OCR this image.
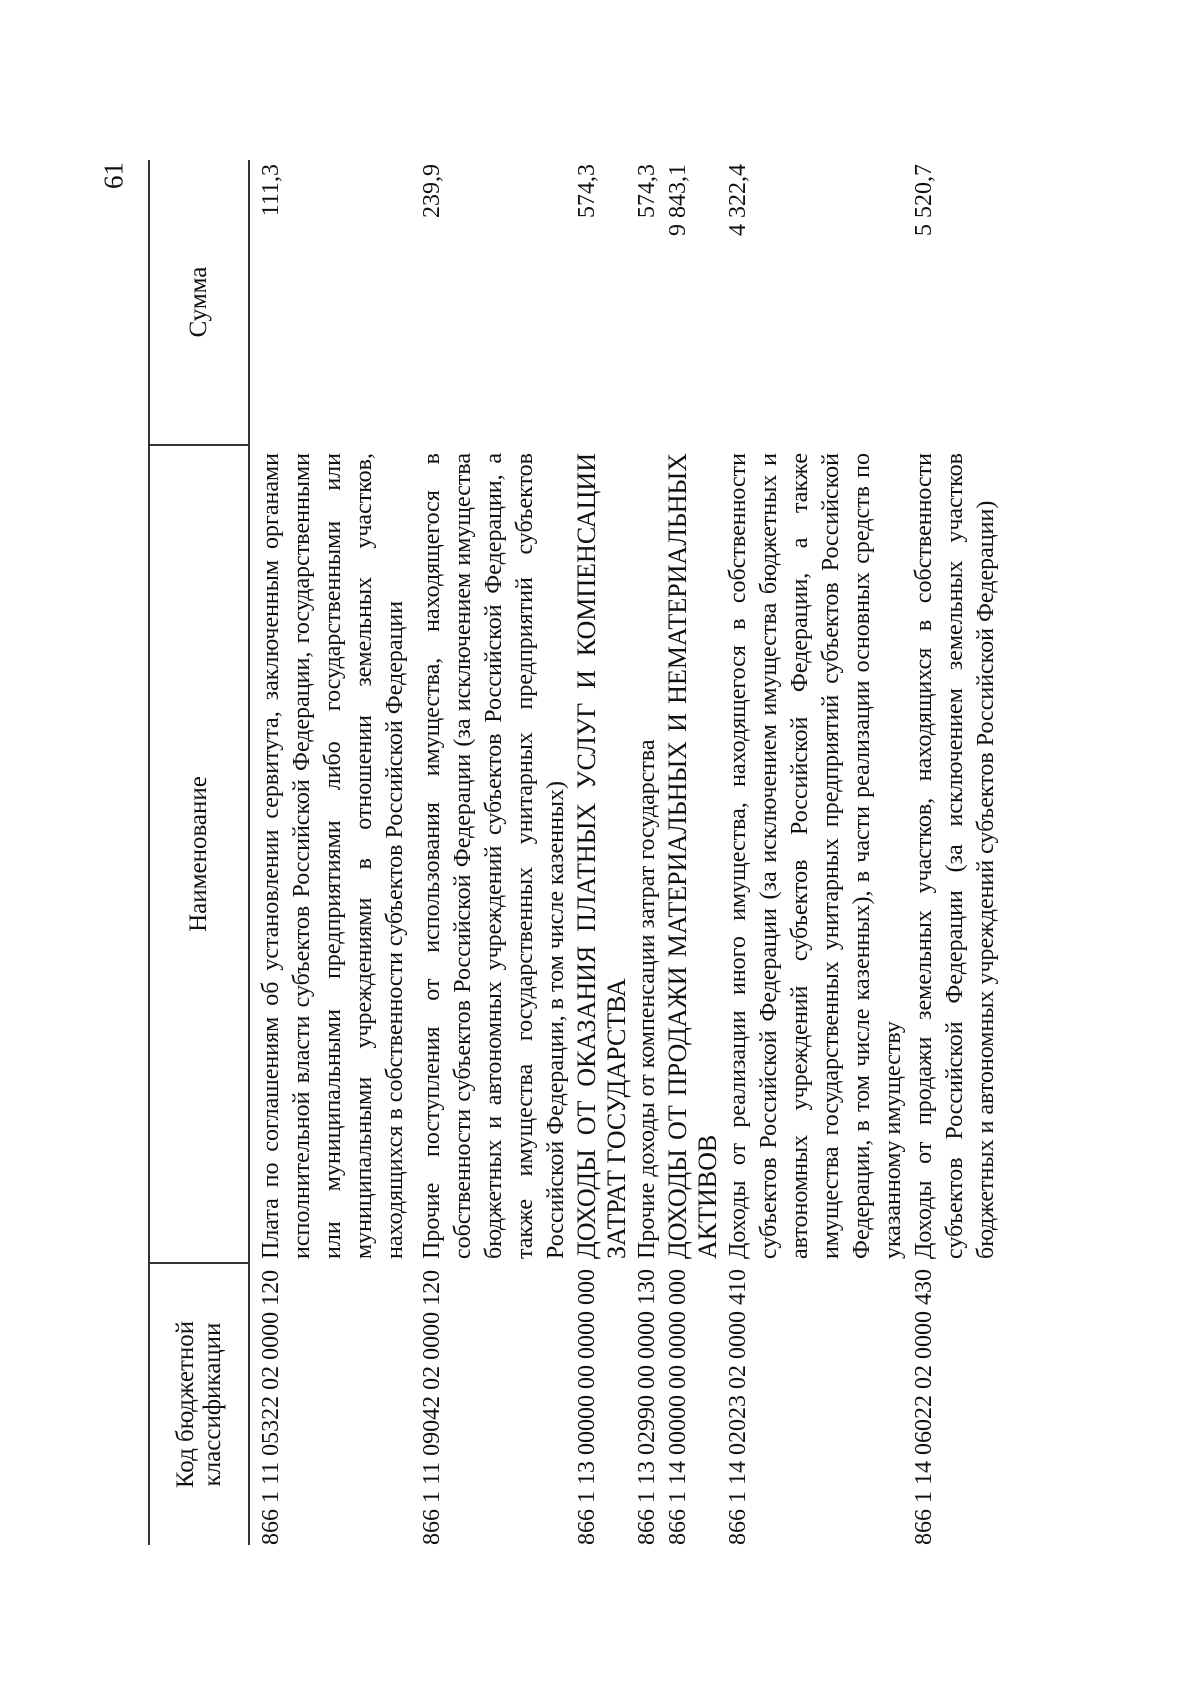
61
Код бюджетной классификации	Наименование	Сумма
866 1 11 05322 02 0000 120	Плата по соглашениям об установлении сервитута, заключенным органами исполнительной власти субъектов Российской Федерации, государственными или муниципальными предприятиями либо государственными или муниципальными учреждениями в отношении земельных участков, находящихся в собственности субъектов Российской Федерации	111,3
866 1 11 09042 02 0000 120	Прочие поступления от использования имущества, находящегося в собственности субъектов Российской Федерации (за исключением имущества бюджетных и автономных учреждений субъектов Российской Федерации, а также имущества государственных унитарных предприятий субъектов Российской Федерации, в том числе казенных)	239,9
866 1 13 00000 00 0000 000	ДОХОДЫ ОТ ОКАЗАНИЯ ПЛАТНЫХ УСЛУГ И КОМПЕНСАЦИИ ЗАТРАТ ГОСУДАРСТВА	574,3
866 1 13 02990 00 0000 130	Прочие доходы от компенсации затрат государства	574,3
866 1 14 00000 00 0000 000	ДОХОДЫ ОТ ПРОДАЖИ МАТЕРИАЛЬНЫХ И НЕМАТЕРИАЛЬНЫХ АКТИВОВ	9 843,1
866 1 14 02023 02 0000 410	Доходы от реализации иного имущества, находящегося в собственности субъектов Российской Федерации (за исключением имущества бюджетных и автономных учреждений субъектов Российской Федерации, а также имущества государственных унитарных предприятий субъектов Российской Федерации, в том числе казенных), в части реализации основных средств по указанному имуществу	4 322,4
866 1 14 06022 02 0000 430	Доходы от продажи земельных участков, находящихся в собственности субъектов Российской Федерации (за исключением земельных участков бюджетных и автономных учреждений субъектов Российской Федерации)	5 520,7
